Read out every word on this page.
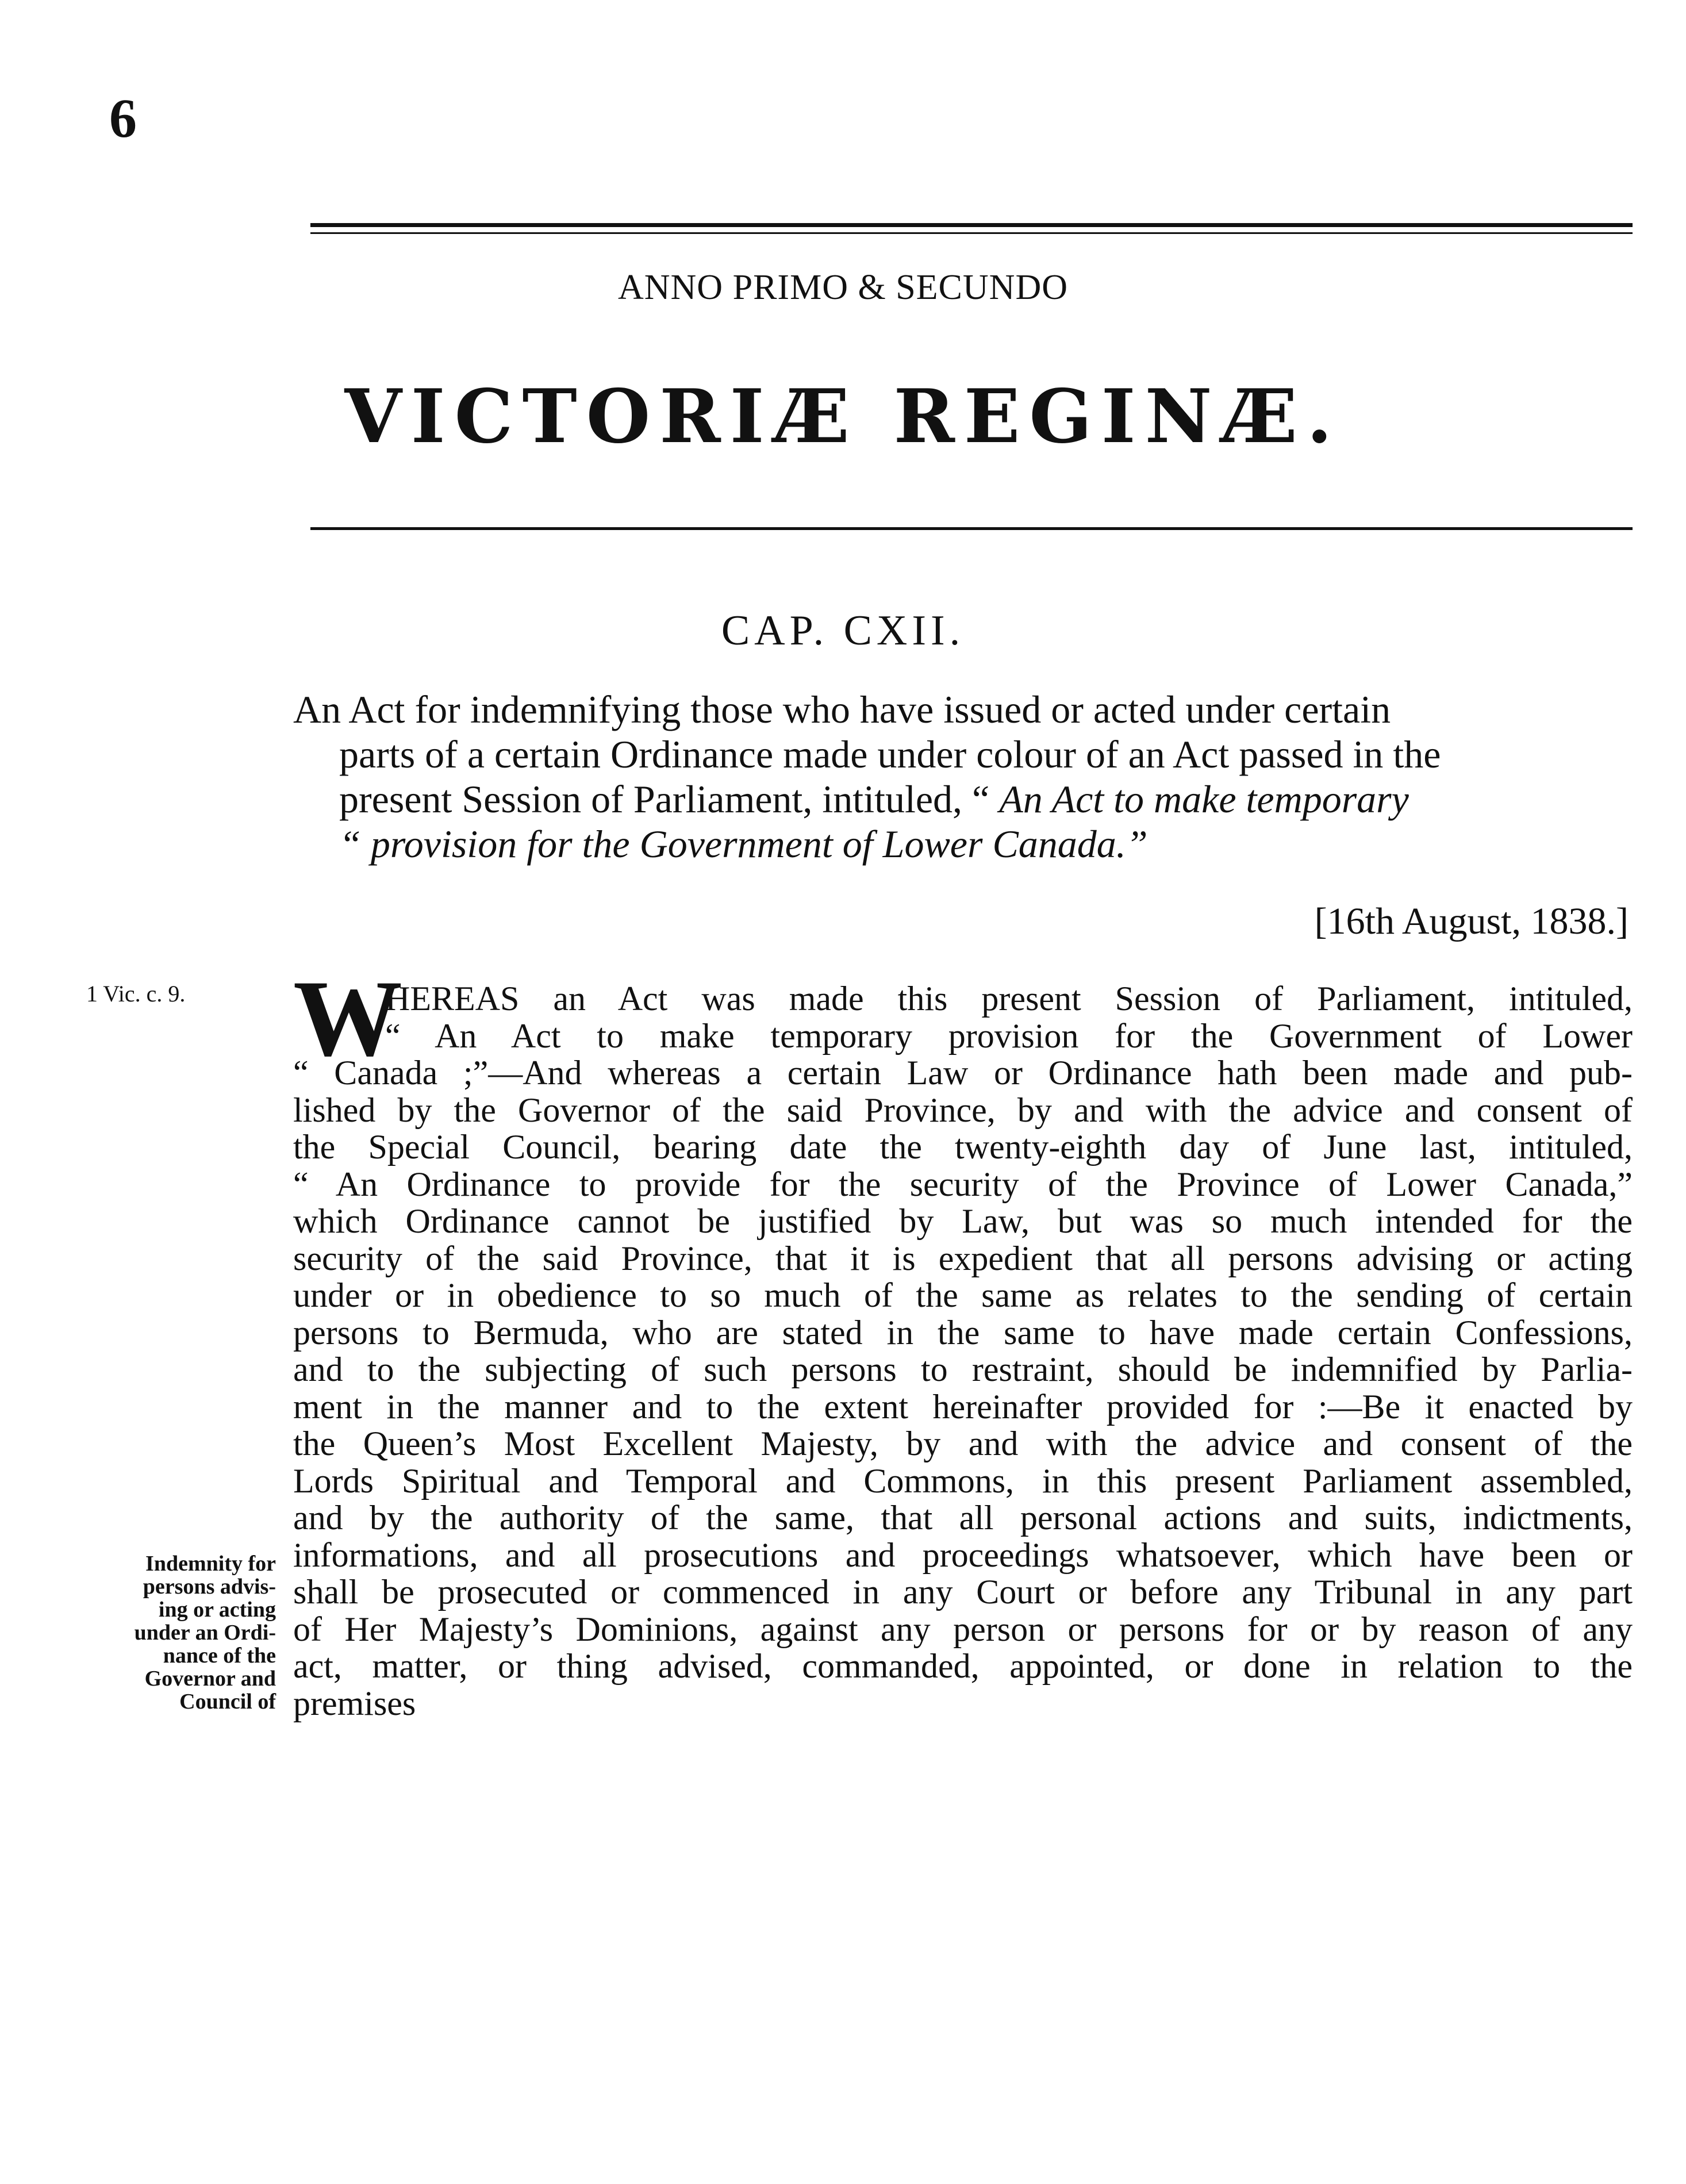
6
ANNO PRIMO & SECUNDO
VICTORIÆ REGINÆ.
CAP. CXII.
An Act for indemnifying those who have issued or acted under certain
parts of a certain Ordinance made under colour of an Act passed in the
present Session of Parliament, intituled, “ An Act to make temporary
“ provision for the Government of Lower Canada.”
[16th August, 1838.]
1 Vic. c. 9.
Indemnity for
persons advis-
ing or acting
under an Ordi-
nance of the
Governor and
Council of
W
HEREAS an Act was made this present Session of Parliament, intituled,
“ An Act to make temporary provision for the Government of Lower
“ Canada ;”—And whereas a certain Law or Ordinance hath been made and pub-
lished by the Governor of the said Province, by and with the advice and consent of
the Special Council, bearing date the twenty-eighth day of June last, intituled,
“ An Ordinance to provide for the security of the Province of Lower Canada,”
which Ordinance cannot be justified by Law, but was so much intended for the
security of the said Province, that it is expedient that all persons advising or acting
under or in obedience to so much of the same as relates to the sending of certain
persons to Bermuda, who are stated in the same to have made certain Confessions,
and to the subjecting of such persons to restraint, should be indemnified by Parlia-
ment in the manner and to the extent hereinafter provided for :—Be it enacted by
the Queen’s Most Excellent Majesty, by and with the advice and consent of the
Lords Spiritual and Temporal and Commons, in this present Parliament assembled,
and by the authority of the same, that all personal actions and suits, indictments,
informations, and all prosecutions and proceedings whatsoever, which have been or
shall be prosecuted or commenced in any Court or before any Tribunal in any part
of Her Majesty’s Dominions, against any person or persons for or by reason of any
act, matter, or thing advised, commanded, appointed, or done in relation to the
premises
